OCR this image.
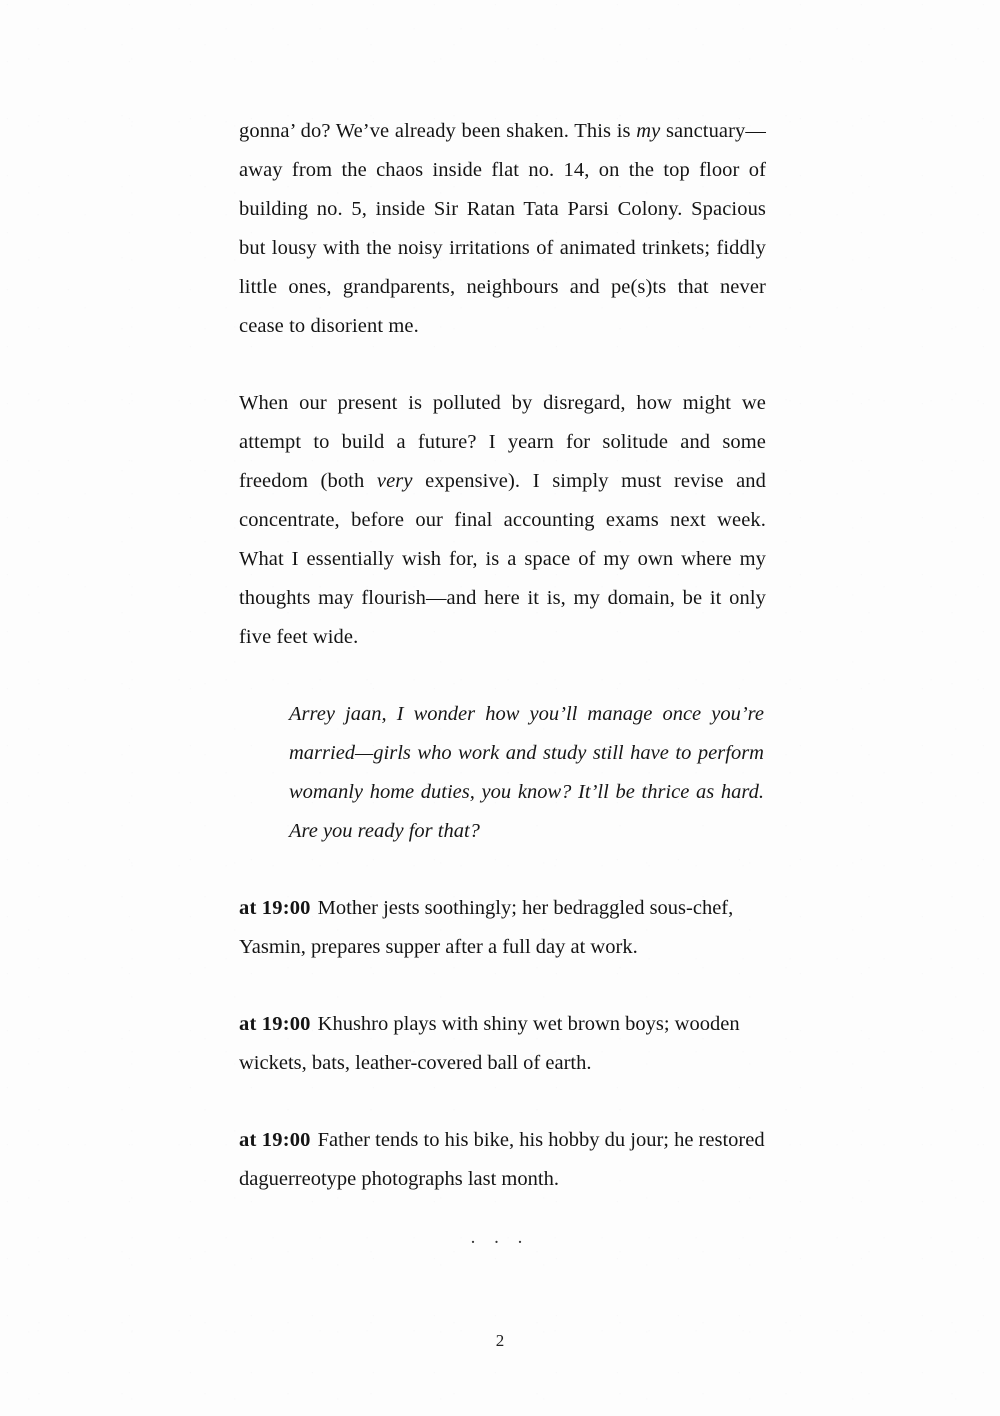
gonna’ do? We’ve already been shaken. This is my sanctuary—away from the chaos inside flat no. 14, on the top floor of building no. 5, inside Sir Ratan Tata Parsi Colony. Spacious but lousy with the noisy irritations of animated trinkets; fiddly little ones, grandparents, neighbours and pe(s)ts that never cease to disorient me.

When our present is polluted by disregard, how might we attempt to build a future? I yearn for solitude and some freedom (both very expensive). I simply must revise and concentrate, before our final accounting exams next week. What I essentially wish for, is a space of my own where my thoughts may flourish—and here it is, my domain, be it only five feet wide.

Arrey jaan, I wonder how you’ll manage once you’re married—girls who work and study still have to perform womanly home duties, you know? It’ll be thrice as hard. Are you ready for that?

at 19:00 Mother jests soothingly; her bedraggled sous-chef, Yasmin, prepares supper after a full day at work.

at 19:00 Khushro plays with shiny wet brown boys; wooden wickets, bats, leather-covered ball of earth.

at 19:00 Father tends to his bike, his hobby du jour; he restored daguerreotype photographs last month.

. . .
2
